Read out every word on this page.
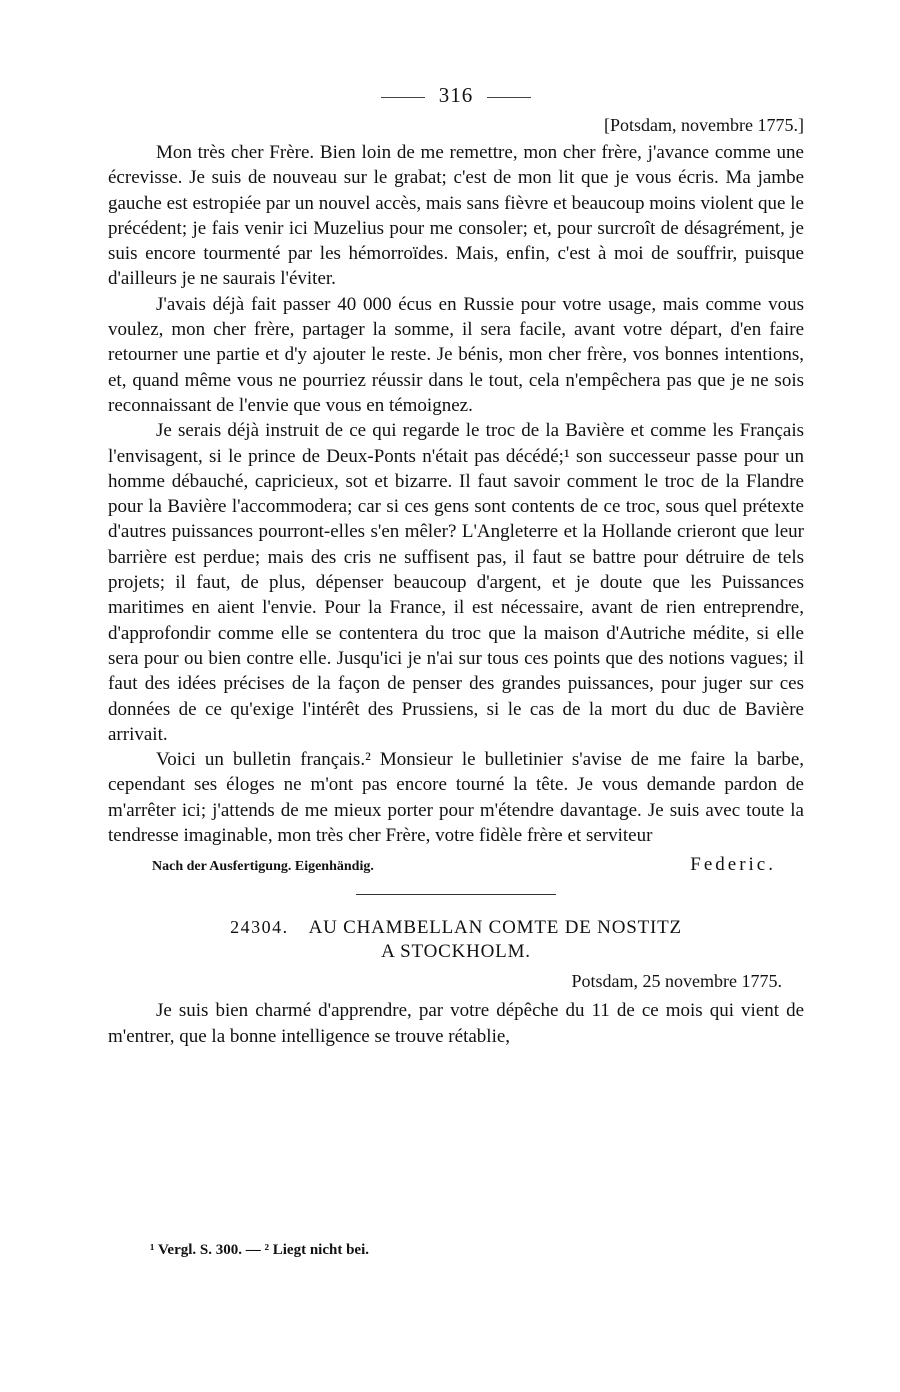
316
[Potsdam, novembre 1775.]

Mon très cher Frère. Bien loin de me remettre, mon cher frère, j'avance comme une écrevisse. Je suis de nouveau sur le grabat; c'est de mon lit que je vous écris. Ma jambe gauche est estropiée par un nouvel accès, mais sans fièvre et beaucoup moins violent que le précédent; je fais venir ici Muzelius pour me consoler; et, pour surcroît de désagrément, je suis encore tourmenté par les hémorroïdes. Mais, enfin, c'est à moi de souffrir, puisque d'ailleurs je ne saurais l'éviter.

J'avais déjà fait passer 40 000 écus en Russie pour votre usage, mais comme vous voulez, mon cher frère, partager la somme, il sera facile, avant votre départ, d'en faire retourner une partie et d'y ajouter le reste. Je bénis, mon cher frère, vos bonnes intentions, et, quand même vous ne pourriez réussir dans le tout, cela n'empêchera pas que je ne sois reconnaissant de l'envie que vous en témoignez.

Je serais déjà instruit de ce qui regarde le troc de la Bavière et comme les Français l'envisagent, si le prince de Deux-Ponts n'était pas décédé;¹ son successeur passe pour un homme débauché, capricieux, sot et bizarre. Il faut savoir comment le troc de la Flandre pour la Bavière l'accommodera; car si ces gens sont contents de ce troc, sous quel prétexte d'autres puissances pourront-elles s'en mêler? L'Angleterre et la Hollande crieront que leur barrière est perdue; mais des cris ne suffisent pas, il faut se battre pour détruire de tels projets; il faut, de plus, dépenser beaucoup d'argent, et je doute que les Puissances maritimes en aient l'envie. Pour la France, il est nécessaire, avant de rien entreprendre, d'approfondir comme elle se contentera du troc que la maison d'Autriche médite, si elle sera pour ou bien contre elle. Jusqu'ici je n'ai sur tous ces points que des notions vagues; il faut des idées précises de la façon de penser des grandes puissances, pour juger sur ces données de ce qu'exige l'intérêt des Prussiens, si le cas de la mort du duc de Bavière arrivait.

Voici un bulletin français.² Monsieur le bulletinier s'avise de me faire la barbe, cependant ses éloges ne m'ont pas encore tourné la tête. Je vous demande pardon de m'arrêter ici; j'attends de me mieux porter pour m'étendre davantage. Je suis avec toute la tendresse imaginable, mon très cher Frère, votre fidèle frère et serviteur

Nach der Ausfertigung. Eigenhändig.	Federic.
24304. AU CHAMBELLAN COMTE DE NOSTITZ
A STOCKHOLM.
Potsdam, 25 novembre 1775.

Je suis bien charmé d'apprendre, par votre dépêche du 11 de ce mois qui vient de m'entrer, que la bonne intelligence se trouve rétablie,

¹ Vergl. S. 300. — ² Liegt nicht bei.
